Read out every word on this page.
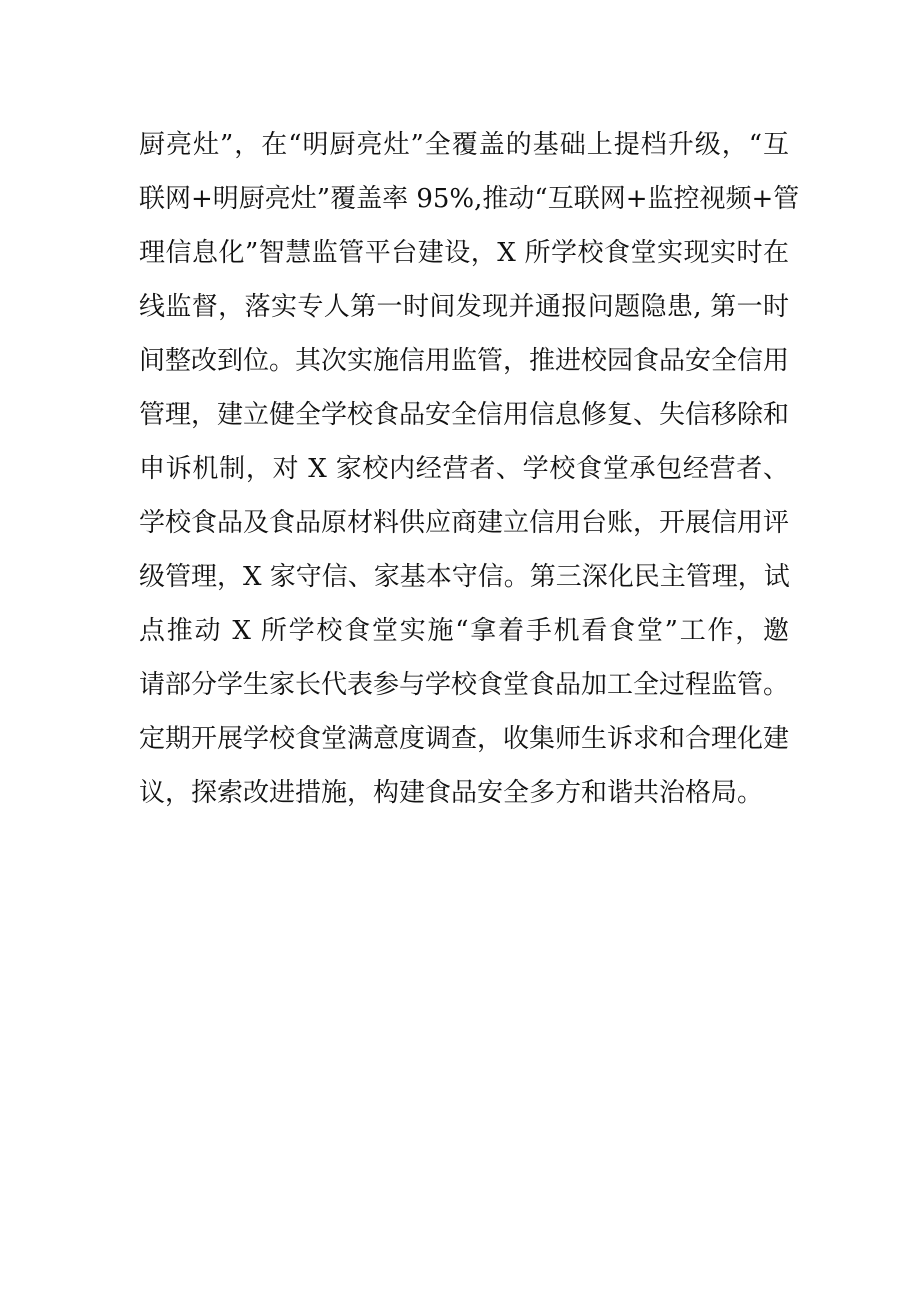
厨亮灶”，在“明厨亮灶”全覆盖的基础上提档升级，“互
联网+明厨亮灶”覆盖率 95%,推动“互联网+监控视频+管
理信息化”智慧监管平台建设，X 所学校食堂实现实时在
线监督，落实专人第一时间发现并通报问题隐患, 第一时
间整改到位。其次实施信用监管，推进校园食品安全信用
管理，建立健全学校食品安全信用信息修复、失信移除和
申诉机制，对 X 家校内经营者、学校食堂承包经营者、
学校食品及食品原材料供应商建立信用台账，开展信用评
级管理，X 家守信、家基本守信。第三深化民主管理，试
点推动 X 所学校食堂实施“拿着手机看食堂”工作，邀
请部分学生家长代表参与学校食堂食品加工全过程监管。
定期开展学校食堂满意度调查，收集师生诉求和合理化建
议，探索改进措施，构建食品安全多方和谐共治格局。
